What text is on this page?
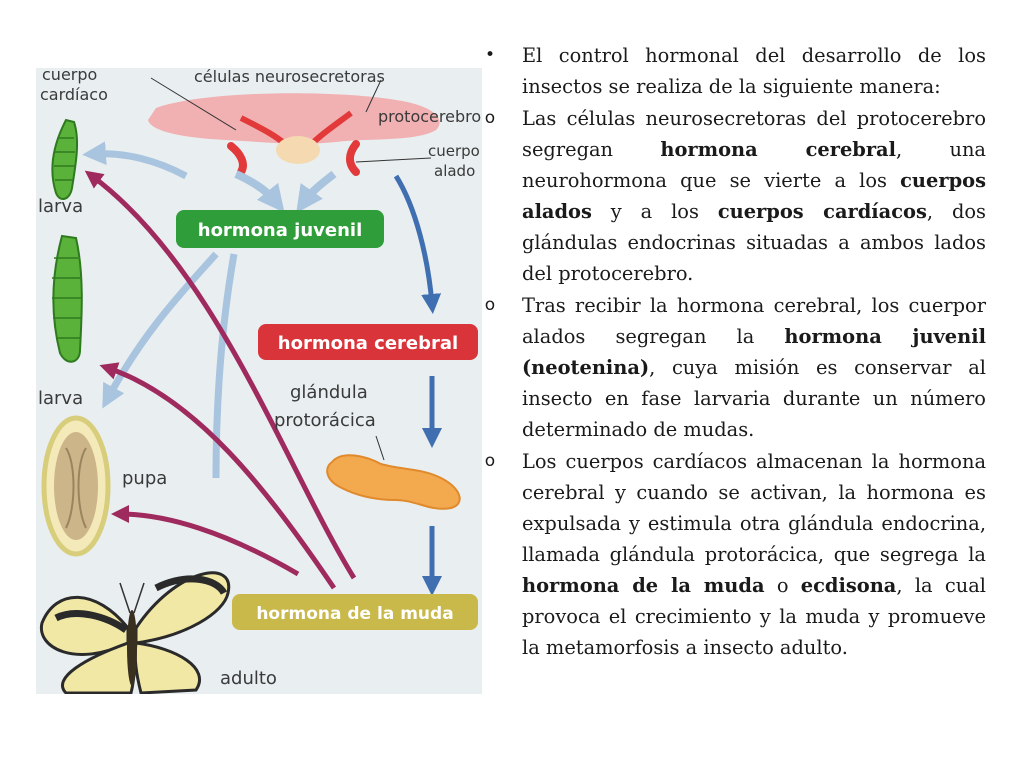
hormona juvenil
hormona cerebral
hormona de la muda
cuerpo
cardíaco
células neurosecretoras
protocerebro
cuerpo
alado
larva
larva
pupa
adulto
glándula
protorácica
• El control hormonal del desarrollo de los insectos se realiza de la siguiente manera:

o Las células neurosecretoras del protocerebro segregan hormona cerebral, una neurohormona que se vierte a los cuerpos alados y a los cuerpos cardíacos, dos glándulas endocrinas situadas a ambos lados del protocerebro.

o Tras recibir la hormona cerebral, los cuerpor alados segregan la hormona juvenil (neotenina), cuya misión es conservar al insecto en fase larvaria durante un número determinado de mudas.

o Los cuerpos cardíacos almacenan la hormona cerebral y cuando se activan, la hormona es expulsada y estimula otra glándula endocrina, llamada glándula protorácica, que segrega la hormona de la muda o ecdisona, la cual provoca el crecimiento y la muda y promueve la metamorfosis a insecto adulto.
